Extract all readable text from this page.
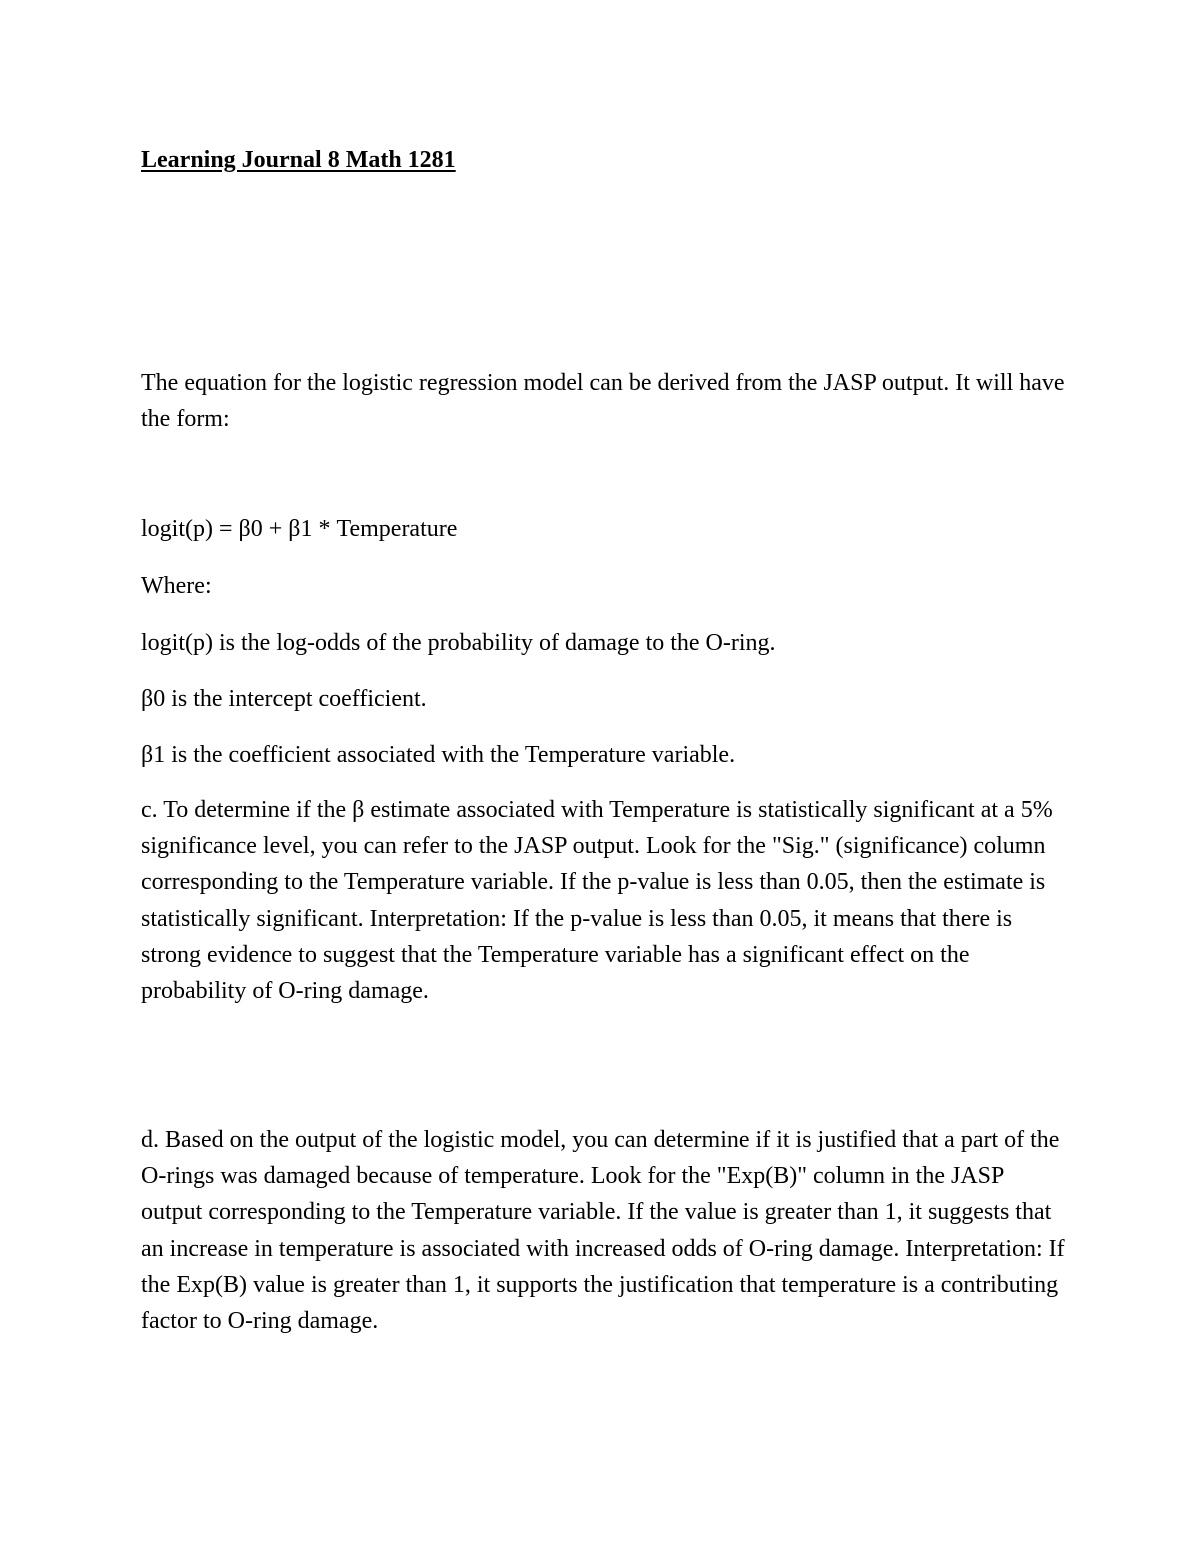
Learning Journal 8 Math 1281

The equation for the logistic regression model can be derived from the JASP output. It will have the form:

logit(p) = β0 + β1 * Temperature

Where:

logit(p) is the log-odds of the probability of damage to the O-ring.

β0 is the intercept coefficient.

β1 is the coefficient associated with the Temperature variable.

c. To determine if the β estimate associated with Temperature is statistically significant at a 5% significance level, you can refer to the JASP output. Look for the "Sig." (significance) column corresponding to the Temperature variable. If the p-value is less than 0.05, then the estimate is statistically significant. Interpretation: If the p-value is less than 0.05, it means that there is strong evidence to suggest that the Temperature variable has a significant effect on the probability of O-ring damage.

d. Based on the output of the logistic model, you can determine if it is justified that a part of the O-rings was damaged because of temperature. Look for the "Exp(B)" column in the JASP output corresponding to the Temperature variable. If the value is greater than 1, it suggests that an increase in temperature is associated with increased odds of O-ring damage. Interpretation: If the Exp(B) value is greater than 1, it supports the justification that temperature is a contributing factor to O-ring damage.
